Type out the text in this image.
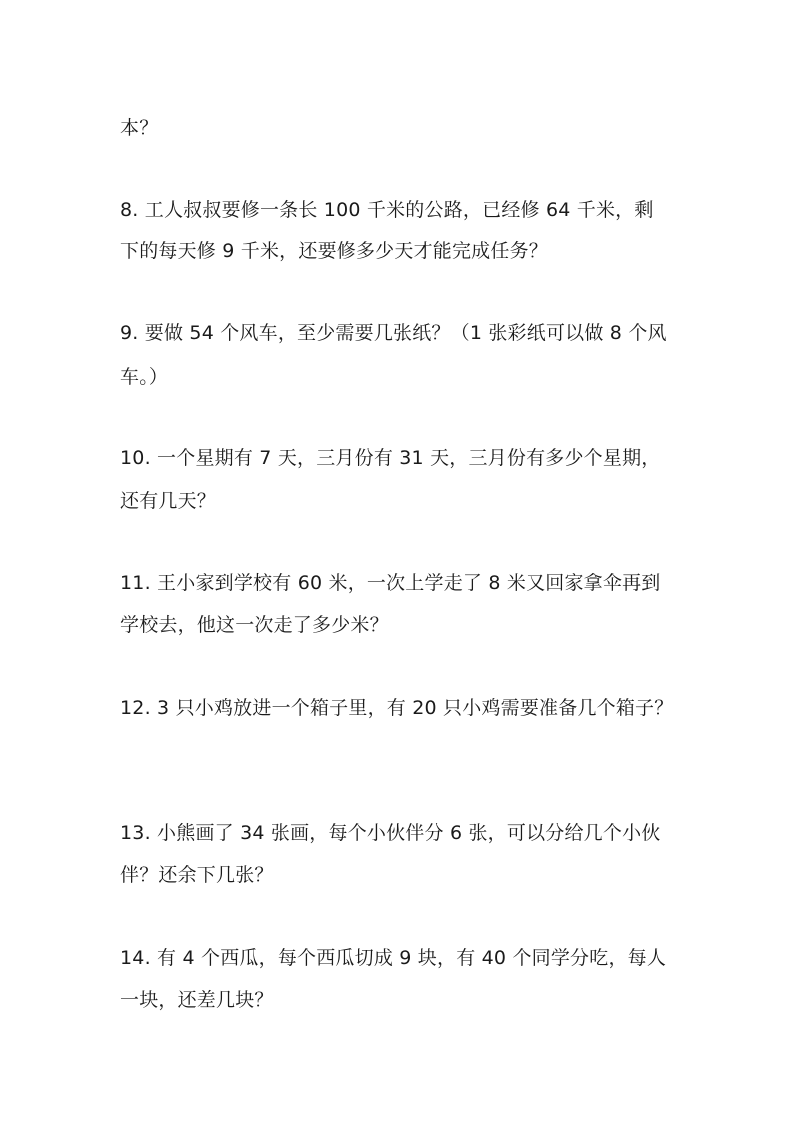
本？

8. 工人叔叔要修一条长 100 千米的公路，已经修 64 千米，剩

下的每天修 9 千米，还要修多少天才能完成任务？

9. 要做 54 个风车，至少需要几张纸？（1 张彩纸可以做 8 个风

车。）

10. 一个星期有 7 天，三月份有 31 天，三月份有多少个星期，

还有几天？

11. 王小家到学校有 60 米，一次上学走了 8 米又回家拿伞再到

学校去，他这一次走了多少米？

12. 3 只小鸡放进一个箱子里，有 20 只小鸡需要准备几个箱子？

13. 小熊画了 34 张画，每个小伙伴分 6 张，可以分给几个小伙

伴？还余下几张？

14. 有 4 个西瓜，每个西瓜切成 9 块，有 40 个同学分吃，每人

一块，还差几块？
